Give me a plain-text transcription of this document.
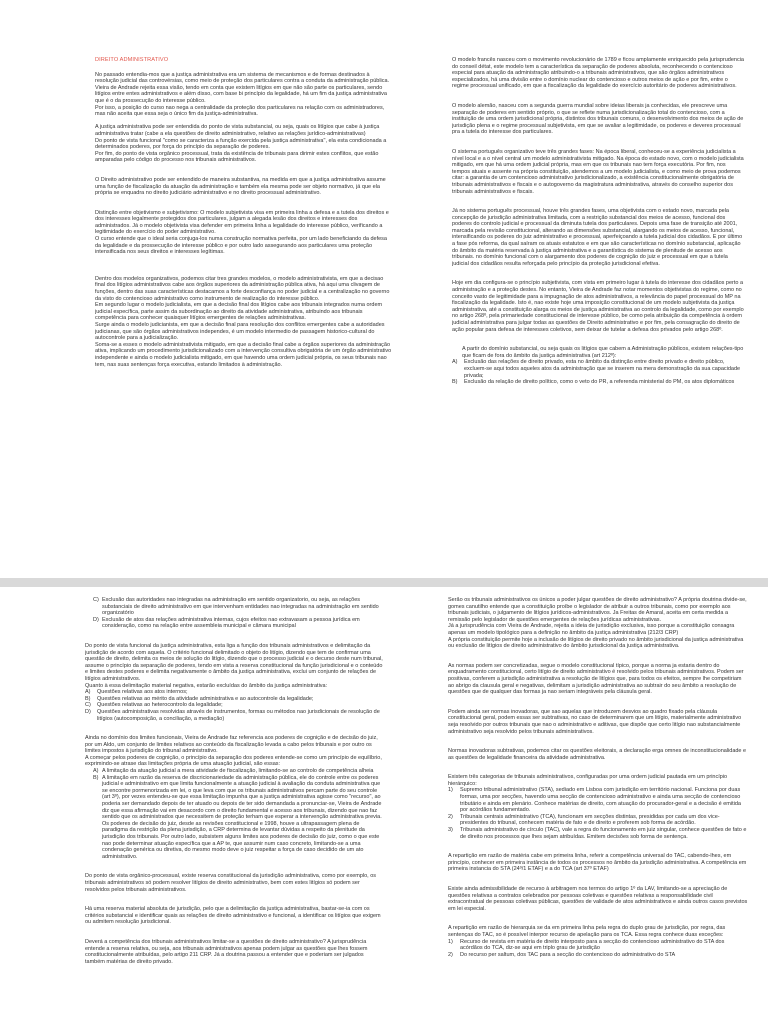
DIREITO ADMINISTRATIVO

No passado entendia-mos que a justiça administrativa era um sistema de mecanismos e de formas destinados à resolução judicial das controvérsias, como meio de proteção dos particulares contra a conduta da administração pública.
Vieira de Andrade rejeita essa visão, tendo em conta que existem litígios em que não são parte os particulares, sendo litígios entre entes administrativos e além disso, com base bi princípio da legalidade, há um fim da justiça administrativa que é o da prossecução do interesse público.
Por isso, a posição do curso nao nega a centralidade da proteção dos particulares na relação com os administradores, mas não aceita que essa seja o único fim da justiça-administrativa.

A justiça administrativa pode ser entendida do ponto de vista substancial, ou seja, quais os litígios que cabe à justiça administrativa tratar (cabe a ela questões de direito administrativo, relativo as relações jurídico-administrativas)
Do ponto de vista funcional "como se caracteriza a função exercida pela justiça administrativa", ela esta condicionada a determinados poderes, por força do princípio da separação de poderes.
Por fim, do ponto de vista orgânico processual, trata da existência de tribunais para dirimir estes conflitos, que estão amparadas pelo código do processo nos tribunais administrativos.

O Direito administrativo pode ser entendido de maneira substantiva, na medida em que a justiça administrativa assume uma função de fiscalização da atuação da administração e também ela mesma pode ser objeto normativo, já que ela própria se enquadra no direito judiciário administrativo e no direito processual administrativo.

Distinção entre objetivismo e subjetivismo: O modelo subjetivista visa em primeira linha a defesa e a tutela dos direitos e dos interesses legalmente protegidos dos particulares, julgam a alegada lesão dos direitos e interesses dos administrados. Já o modelo objetivista visa defender em primeira linha a legalidade do interesse público, verificando a legitimidade do exercício do poder administrativo.
O curso entende que o ideal seria conjuga-los numa construção normativa perfeita, por um lado beneficiando da defesa da legalidade e da prossecução de interesse público e por outro lado assegurando aos particulares uma proteção intensificada nos seus direitos e interesses legítimas.

Dentro dos modelos organizativos, podemos citar tres grandes modelos, o modelo administrativista, em que a decisao final dos litígios administrativos cabe aos órgãos superiores da administração pública ativa, há aqui uma clivagem de funções, dentro das suas características destacamos a forte desconfiança no poder judicial e a centralização no governo da visto do contencioso administrativo como instrumento de realização do interesse público.
Em segundo lugar o modelo judicialista, em que a decisão final dos litígios cabe aos tribunais integrados numa ordem judicial específica, parte assim da subordinação ao direito da atividade administrativa, atribuindo aos tribunais competência para conhecer quaisquer litígios emergentes de relações administrativas.
Surge ainda o modelo judicianista, em que a decisão final para resolução dos conflitos emergentes cabe a autoridades judicianas, que são órgãos administrativos independes, é um modelo intermedio de passagem historico-cultural do autocontrole para a judicialização.
Soma-se a esses o modelo administrativista mitigado, em que a decisão final cabe a órgãos superiores da administração ativa, implicando um procedimento jurisdicionalizado com a intervenção consultiva obrigatória de um órgão administrativo independente e ainda o modelo judicialista mitigado, em que havendo uma ordem judicial própria, os seus tribunais nao tem, nas suas sentenças força executiva, estando limitados à administração.

O modelo francês nasceu com o movimento revolucionário de 1789 e ficou amplamente enriquecido pela jurisprudencia do conseil détat, este modelo tem a característica da separação de poderes absoluta, reconhecendo o contencioso especial para atuação da administração atribuindo-o a tribunais administrativos, que são órgãos administrativos especializados, há uma divisão entre o domínio nuclear do contencioso e outros meios de ação e por fim, entre o regime processual unificado, em que a fiscalização da legalidade do exercício autoritário de poderes administrativos.

O modelo alemão, nasceu com a segunda guerra mundial sobre ideias liberais ja conhecidas, ele prescreve uma separação de poderes em sentido próprio, o que se reflete numa jurisdicionalização total do contencioso, com a instituição de uma ordem jurisdicional própria, distintos dos tribunais comuns, o desenvolvimento dos meios de ação de jurisdição plena e o regime processual subjetivista, em que se avaliar a legitimidade, os poderes e deveres processual pra a tutela do interesse dos particulares.

O sistema português organizativo teve três grandes fases: Na época liberal, conheceu-se a experiência judicialista a nível local e a o nível central um modelo administrativista mitigado. Na época do estado novo, com o modelo judicialista mitigado, em que há uma ordem judicial própria, mas em que os tribunais nao tem força executória. Por fim, nos tempos atuais e assente na própria constituição, atendemos a um modelo judicialista, e como meio de prova podemos citar: a garantia de um contencioso administrativo jurisdicionalizado, a existência constitucionalmente obrigatória de tribunais administrativos e fiscais e o autogoverno da magistratura administrativa, através do conselho superior dos tribunais administrativos e fiscais.

Já no sistema português processual, houve três grandes fases, uma objetivista com o estado novo, marcada pela concepção de jurisdição administrativa limitada, com a restrição substancial dos meios de acesso, funcional dos poderes do controlo judicial e processual da diminuta tutela dos particulares. Depois uma fase de transição até 2001, marcada pela revisão constitucional, alterando as dimensões substancial, alargando os meios de acesso, funcional, intensificando os poderes do juiz administrativo e processual, aperfeiçoando a tutela judicial dos cidadãos. E por último a fase pós reforma, da qual saíram os atuais estatutos e em que são características no domínio substancial, aplicação do âmbito da matéria reservada à justiça administrativa e a garantística do sistema de plenitude de acesso aos tribunais. no domínio funcional com o alargamento dos poderes de cognição do juiz e processual em que a tutela judicial dos cidadãos resulta reforçada pelo princípio da proteção jurisdicional efetiva.

Hoje em dia configura-se o princípio subjetivista, com vista em primeiro lugar à tutela do interesse dos cidadãos perto a administração e a proteção destes. No entanto, Vieira de Andrade faz notar momentos objetivistas do regime, como no conceito vasto de legitimidade para a impugnação de atos administrativos, a relevância do papel processual do MP na fiscalização da legalidade. Isto é, nao existe hoje uma imposição constitucional de um modelo subjetivista da justiça administrativa, até a constituição alarga os meios de justiça administrativa ao controlo da legalidade, como por exemplo no artigo 268º, pela primariedade constitucional de interesse público, be como pela atribuição da competência à ordem judicial administrativa para julgar todas as questões de Direito administrativo e por fim, pela consagração do direito de ação popular para defesa de interesses coletivos, sem deixar de tutelar a defesa dos privados pelo artigo 268º.

A partir do domínio substancial, ou seja quais os litígios que cabem a Administração públicos, existem relações-tipo que ficam de fora do âmbito da justiça administrativa (art 212º):

A)	Exclusão das relações de direito privado, esta no âmbito da distinção entre direito privado e direito público, excluem-se aqui todos aqueles atos da administração que se inserem na mera demonstração da sua capacidade privada;
B)	Exclusão da relação de direito político, como o veto do PR, a referenda ministerial do PM, os atos diplomáticos
C) Exclusão das autoridades nao integradas na administração em sentido organizatorio, ou seja, as relações substanciais de direito administrativo em que intervenham entidades nao integradas na administração em sentido organizatório
D) Exclusão de atos das relações administrativa internas, cujos efeitos nao extravasam a pessoa jurídica em consideração, como na relação entre assembleia municipal e câmara municipal

Do ponto de vista funcional da justiça administrativa, esta liga a função dos tribunais administrativos e delimitação da jurisdição de acordo com aquela. O critério funcional delimitado o objeto do litígio, dizendo que tem de confirmar uma questão de direito, delimita os meios de solução do litígio, dizendo que o processo judicial e o decurso deste num tribunal, assume o princípio da separação de poderes, tendo em vista a reserva constitucional da função jurisdicional e o conteúdo e limites destes poderes e delimita negativamente o âmbito da justiça administrativa, exclui um conjunto de relações de litígios administrativos.
Quanto à essa delimitação material negativa, estarão excluídas do âmbito da justiça administrativa:

A)	Questões relativas aos atos internos;
B)	Questões relativas ao mérito da atividade administrativa e ao autocontrole da legalidade;
C)	Questões relativas ao heterocontrolo da legalidade;
D)	Questões administrativas resolvidas através de instrumentos, formas ou métodos nao jurisdicionais de resolução de litígios (autocomposição, a conciliação, a mediação)

Ainda no domínio dos limites funcionais, Vieira de Andrade faz referencia aos poderes de cognição e de decisão do juiz, por um Aldo, um conjunto de limites relativos ao conteúdo da fiscalização levada a cabo pelos tribunais e por outro os limites impostos à jurisdição do tribunal administrativo.
A começar pelos poderes de cognição, o princípio da separação dos poderes entende-se como um princípio de equilíbrio, exprimindo-se atrase das limitações própria de uma atuação judicial, são essas:

A) A limitação da atuação judicial a mera atividade de fiscalização, limitando-se ao controlo de competência alheia
B) A limitação em razão da reserva de discricionariedade da administração pública, ele do controle entre os poderes judicial e administrativo em que limita funcionalmente a atuação judicial à avaliação da conduta administrativa que se encontre pormenorizada em lei, o que leva com que os tribunais administrativos percam parte do seu controle (art 3º), por vezes entendeu-se que essa limitação impunha que a justiça administrativa agisse como "recurso", ao poderia ser demandado depois de ter atuado ou depois de ter sido demandada a pronunciar-se, Vieira de Andrade diz que essa afirmação vai em desacordo com o direito fundamental e acesso aos tribunais, dizendo que nao faz sentido que os administrados que necessitem de proteção terham que esperar a intervenção administrativa previa.
Os poderes de decisão do juiz, desde as revisões constitucional e 1998, houve a ultrapassagem plena de paradigma da restrição da plena jurisdição, a CRP determina de levantar dúvidas a respeito da plenitude da jurisdição dos tribunais. Por outro lado, subsistem alguns limites aos poderes de decisão do juiz, como o que este nao pode determinar atuação específica que a AP te, que assumir num caso concreto, limitando-se a uma condenação genérica ou diretiva, do mesmo modo deve o juiz respeitar a força de caso decidido de um ato administrativo.

Do ponto de vista orgânico-processual, existe reserva constitucional da jurisdição administrativa, como por exemplo, os tribunais administrativos só podem resolver litígios de direito administrativo, bem com estes litígios só podem ser resolvidos pelos tribunais administrativos.

Há uma reserva material absoluta de jurisdição, pelo que a delimitação da justiça administrativa, bastar-se-ia com os critérios substancial e identificar quais as relações de direito administrativo e funcional, a identificar os litígios que exigem ou admitem resolução jurisdicional.

Deverá a competência dos tribunais administrativos limitar-se a questões de direito administrativo? A jurisprudência entende a reserva relativa, ou seja, aos tribunais administrativos apenas podem julgar as questões que lhes fossem constitucionalmente atribuídas, pelo artigo 211 CRP. Já a doutrina passou a entender que e poderiam ser julgados também matérias de direito privado.

Serão os tribunais administrativos os únicos a poder julgar questões de direito administrativo? A própria doutrina divide-se, gomes canutilho entende que a constituição proíbe o legislador de atribuir a outros tribunais, como por exemplo aos tribunais judiciais, o julgamento de litígios jurídicos-administrativos. Ja Freitas de Amaral, aceita em certa medida a remissão pelo legislador de questões emergentes de relações jurídicas administrativas.
Já a jurisprudência com Vieira de Andrade, rejeita a ideia de jurisdição exclusiva, isso porque a constituição consagra apenas um modelo tipológico para a definição no âmbito da justiça administrativa (212/3 CRP)
A própria constituição permite hoje a inclusão de litígios de direito privado no âmbito jurisdicional da justiça administrativa ou exclusão de litígios de direito administrativo do âmbito jurisdicional da justiça administrativa.

As normas podem ser concretizadas, segue o modelo constitucional típico, porque a norma ja estaria dentro do enquadramento constitucional, certo litígio de direito administrativo é resolvido pelos tribunais administrativos. Podem ser positivas, conferem a jurisdição administrativa a resolução de litígios que, para todos os efeitos, sempre lhe competiriam ao abrigo da clausula geral e negativas, delimitam a jurisdição administrativa ao subtrair do seu âmbito a resolução de questões que de qualquer das formas ja nao seriam integráveis pela cláusula geral.

Podem ainda ser normas inovadoras, que sao aquelas que introduzem desvios ao quadro fixado pela cláusula constitucional geral, podem essas ser subtrativas, no caso de determinarem que um litígio, materialmente administrativo seja resolvido por outros tribunais que nao o administrativo e aditivas, que dispõe que certo litígio nao substancialmente administrativo seja resolvido pelos tribunais administrativos.

Normas inovadoras subtrativas, podemos citar os questões eleitorais, a declaração erga omnes de inconstitucionalidade e as questões de legalidade financeira da atividade administrativa.

Existem três categorias de tribunais administrativos, configuradas por uma ordem judicial pautada em um princípio hierárquico:

1)	Supremo tribunal administrativo (STA), sediado em Lisboa com jurisdição em território nacional. Funciona por duas formas, uma por secções, havendo uma secção de contencioso administrativo e ainda uma secção de contencioso tributário e ainda em plenário. Conhece matérias de direito, com atuação do procurador-geral e a decisão é emitida por acórdãos fundamentado.
2)	Tribunais centrais administrativo (TCA), funcionam em secções distintas, presididas por cada um dos vice-presidentes do tribunal, conhecem matéria de fato e de direito e proferem sob forma de acórdão.
3)	Tribunais administrativo de círculo (TAC), vale a regra do funcionamento em juiz singular, conhece questões de fato e de direito nos processos que lhes sejam atribuídas. Emitem decisões sob forma de sentença.

A repartição em razão de matéria cabe em primeira linha, referir a competência universal do TAC, cabendo-lhes, em princípio, conhecer em primeira instância de todos os processos no âmbito da jurisdição administrativa. A competência em primeira instancia do STA (24º/1 ETAF) e a do TCA (art 37º ETAF)

Existe ainda admissibilidade de recurso à arbitragem nos termos do artigo 1º da LAV, limitando-se a apreciação de questões relativas a contratos celebrados por pessoas coletivas e questões relativas a responsabilidade civil extracontratual de pessoas coletivas públicas, questões de validade de atos administrativos e ainda outros casos previstos em lei especial.

A repartição em razão de hierarquia se da em primeira linha pela regra do duplo grau de jurisdição, por regra, das sentenças do TAC, so é possível interpor recurso de apelação para os TCA. Essa regra conhece duas exceções:

1)	Recurso de revista em matéria de direito interposto para a secção do contencioso administrativo do STA dos acórdãos do TCA, diz-se aqui em triplo grau de jurisdição
2)	Do recurso per saltum, dos TAC para a secção do contencioso do administrativo do STA
